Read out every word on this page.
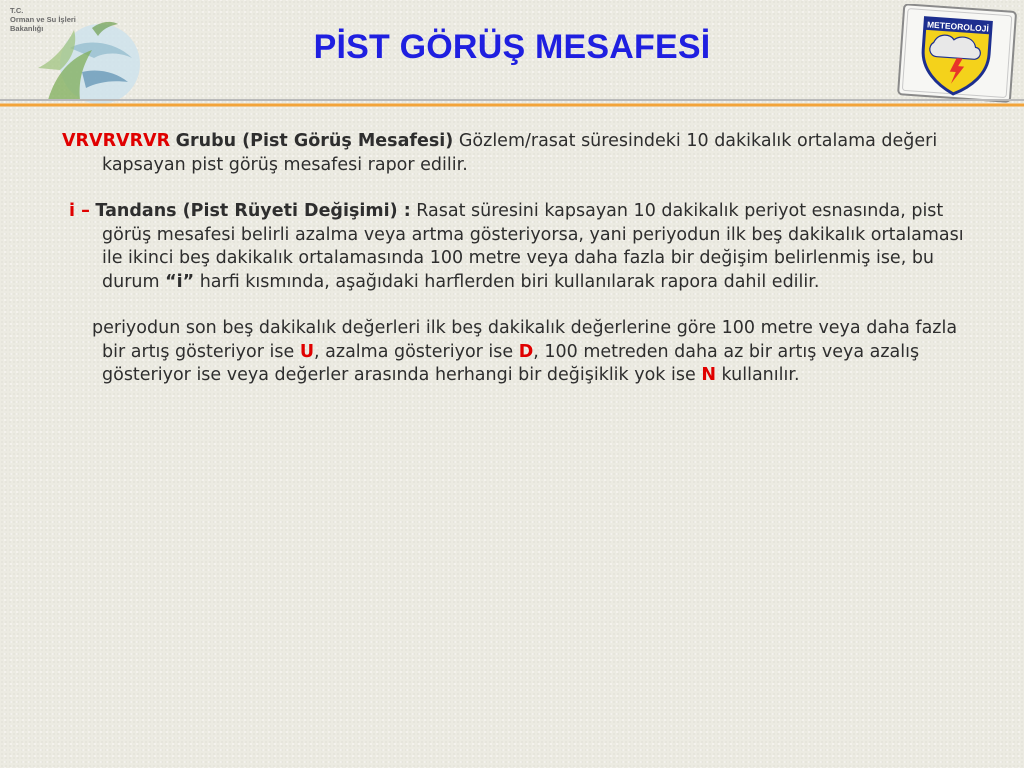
T.C.
Orman ve Su İşleri
Bakanlığı	PİST GÖRÜŞ MESAFESİ
METEOROLOJİ

VRVRVRVR Grubu (Pist Görüş Mesafesi) Gözlem/rasat süresindeki 10 dakikalık ortalama değeri kapsayan pist görüş mesafesi rapor edilir.

i – Tandans (Pist Rüyeti Değişimi) : Rasat süresini kapsayan 10 dakikalık periyot esnasında, pist görüş mesafesi belirli azalma veya artma gösteriyorsa, yani periyodun ilk beş dakikalık ortalaması ile ikinci beş dakikalık ortalamasında 100 metre veya daha fazla bir değişim belirlenmiş ise, bu durum “i” harfi kısmında, aşağıdaki harflerden biri kullanılarak rapora dahil edilir.

periyodun son beş dakikalık değerleri ilk beş dakikalık değerlerine göre 100 metre veya daha fazla bir artış gösteriyor ise U, azalma gösteriyor ise D, 100 metreden daha az bir artış veya azalış gösteriyor ise veya değerler arasında herhangi bir değişiklik yok ise N kullanılır.
